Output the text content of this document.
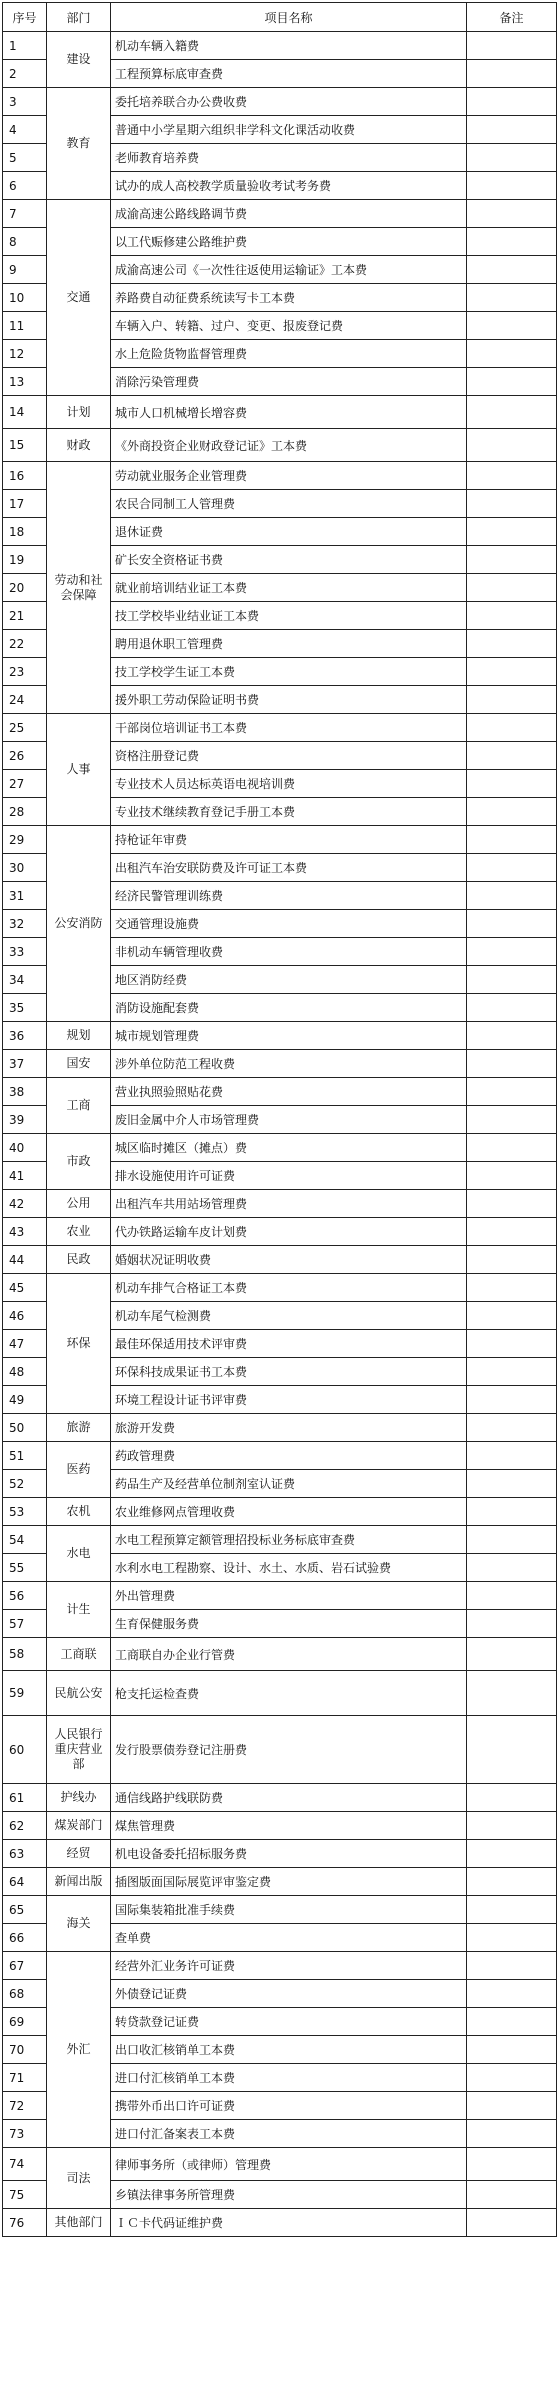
序号	部门	项目名称	备注
1	建设	机动车辆入籍费	
2		工程预算标底审查费	
3	教育	委托培养联合办公费收费	
4		普通中小学星期六组织非学科文化课活动收费	
5		老师教育培养费	
6		试办的成人高校教学质量验收考试考务费	
7	交通	成渝高速公路线路调节费	
8		以工代赈修建公路维护费	
9		成渝高速公司《一次性往返使用运输证》工本费	
10		养路费自动征费系统读写卡工本费	
11		车辆入户、转籍、过户、变更、报废登记费	
12		水上危险货物监督管理费	
13		消除污染管理费	
14	计划	城市人口机械增长增容费	
15	财政	《外商投资企业财政登记证》工本费	
16	劳动和社会保障	劳动就业服务企业管理费	
17		农民合同制工人管理费	
18		退休证费	
19		矿长安全资格证书费	
20		就业前培训结业证工本费	
21		技工学校毕业结业证工本费	
22		聘用退休职工管理费	
23		技工学校学生证工本费	
24		援外职工劳动保险证明书费	
25	人事	干部岗位培训证书工本费	
26		资格注册登记费	
27		专业技术人员达标英语电视培训费	
28		专业技术继续教育登记手册工本费	
29	公安消防	持枪证年审费	
30		出租汽车治安联防费及许可证工本费	
31		经济民警管理训练费	
32		交通管理设施费	
33		非机动车辆管理收费	
34		地区消防经费	
35		消防设施配套费	
36	规划	城市规划管理费	
37	国安	涉外单位防范工程收费	
38	工商	营业执照验照贴花费	
39		废旧金属中介人市场管理费	
40	市政	城区临时摊区（摊点）费	
41		排水设施使用许可证费	
42	公用	出租汽车共用站场管理费	
43	农业	代办铁路运输车皮计划费	
44	民政	婚姻状况证明收费	
45	环保	机动车排气合格证工本费	
46		机动车尾气检测费	
47		最佳环保适用技术评审费	
48		环保科技成果证书工本费	
49		环境工程设计证书评审费	
50	旅游	旅游开发费	
51	医药	药政管理费	
52		药品生产及经营单位制剂室认证费	
53	农机	农业维修网点管理收费	
54	水电	水电工程预算定额管理招投标业务标底审查费	
55		水利水电工程勘察、设计、水土、水质、岩石试验费	
56	计生	外出管理费	
57		生育保健服务费	
58	工商联	工商联自办企业行管费	
59	民航公安	枪支托运检查费	
60	人民银行重庆营业部	发行股票债券登记注册费	
61	护线办	通信线路护线联防费	
62	煤炭部门	煤焦管理费	
63	经贸	机电设备委托招标服务费	
64	新闻出版	插图版面国际展览评审鉴定费	
65	海关	国际集装箱批准手续费	
66		查单费	
67	外汇	经营外汇业务许可证费	
68		外债登记证费	
69		转贷款登记证费	
70		出口收汇核销单工本费	
71		进口付汇核销单工本费	
72		携带外币出口许可证费	
73		进口付汇备案表工本费	
74	司法	律师事务所（或律师）管理费	
75		乡镇法律事务所管理费	
76	其他部门	ＩＣ卡代码证维护费	
